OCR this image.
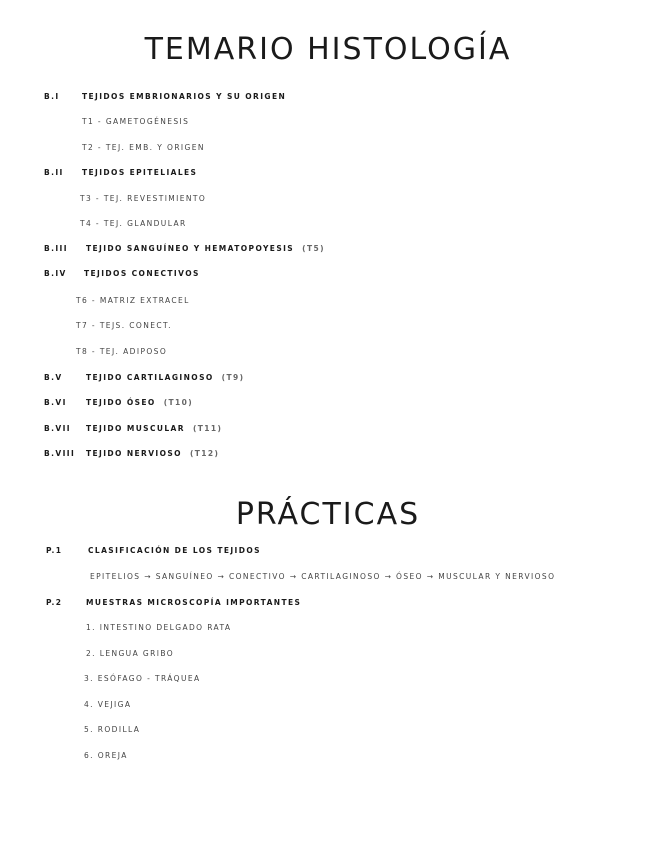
TEMARIO HISTOLOGÍA
B.I	TEJIDOS EMBRIONARIOS Y SU ORIGEN
T1 - GAMETOGÉNESIS
T2 - TEJ. EMB. Y ORIGEN
B.II TEJIDOS EPITELIALES
T3 - TEJ. REVESTIMIENTO
T4 - TEJ. GLANDULAR
B.III TEJIDO SANGUÍNEO Y HEMATOPOYESIS (T5)
B.IV TEJIDOS CONECTIVOS
T6 - MATRIZ EXTRACEL
T7 - TEJS. CONECT.
T8 - TEJ. ADIPOSO
B.V	TEJIDO CARTILAGINOSO (T9)
B.VI	TEJIDO ÓSEO (T10)
B.VII TEJIDO MUSCULAR (T11)
B.VIII TEJIDO NERVIOSO (T12)
PRÁCTICAS
P.1	CLASIFICACIÓN DE LOS TEJIDOS
EPITELIOS → SANGUÍNEO → CONECTIVO → CARTILAGINOSO → ÓSEO → MUSCULAR Y NERVIOSO
P.2	MUESTRAS MICROSCOPÍA IMPORTANTES
1. INTESTINO DELGADO RATA
2. LENGUA GRIBO
3. ESÓFAGO - TRÁQUEA
4. VEJIGA
5. RODILLA
6. OREJA
